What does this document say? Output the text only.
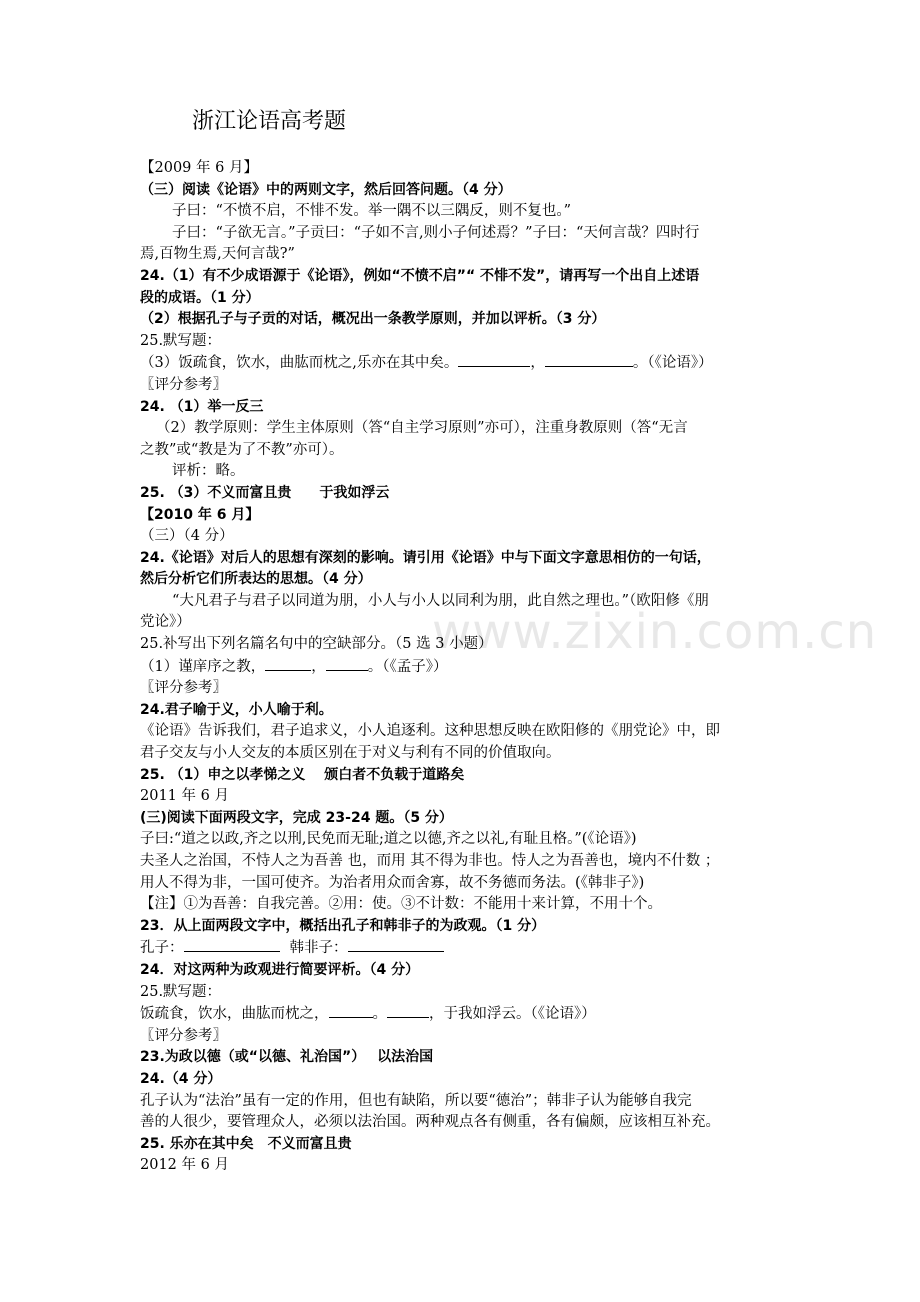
浙江论语高考题
www.zixin.com.cn
【2009 年 6 月】
（三）阅读《论语》中的两则文字，然后回答问题。（4 分）
子曰：“不愤不启，不悱不发。举一隅不以三隅反，则不复也。”
子曰：“子欲无言。”子贡曰：“子如不言,则小子何述焉？”子曰：“天何言哉？四时行
焉,百物生焉,天何言哉?”
24.（1）有不少成语源于《论语》，例如“不愤不启”“ 不悱不发”，请再写一个出自上述语
段的成语。（1 分）
（2）根据孔子与子贡的对话，概况出一条教学原则，并加以评析。（3 分）
25.默写题：
（3）饭疏食，饮水，曲肱而枕之,乐亦在其中矣。	，	。（《论语》）
〖评分参考〗
24. （1）举一反三
（2）教学原则：学生主体原则（答“自主学习原则”亦可），注重身教原则（答“无言
之教”或“教是为了不教”亦可）。
评析：略。
25. （3）不义而富且贵　　于我如浮云
【2010 年 6 月】
（三）（4 分）
24.《论语》对后人的思想有深刻的影响。请引用《论语》中与下面文字意思相仿的一句话，
然后分析它们所表达的思想。（4 分）
“大凡君子与君子以同道为朋，小人与小人以同利为朋，此自然之理也。”（欧阳修《朋
党论》）
25.补写出下列名篇名句中的空缺部分。（5 选 3 小题）
（1）谨庠序之教，	，	。（《孟子》）
〖评分参考〗
24.君子喻于义，小人喻于利。
《论语》告诉我们，君子追求义，小人追逐利。这种思想反映在欧阳修的《朋党论》中，即
君子交友与小人交友的本质区别在于对义与利有不同的价值取向。
25. （1）申之以孝悌之义　 颁白者不负载于道路矣
2011 年 6 月
(三)阅读下面两段文字，完成 23-24 题。（5 分）
子曰:“道之以政,齐之以刑,民免而无耻;道之以德,齐之以礼,有耻且格。”(《论语》)
夫圣人之治国，不恃人之为吾善 也，而用 其不得为非也。恃人之为吾善也，境内不什数 ；
用人不得为非，一国可使齐。为治者用众而舍寡，故不务德而务法。(《韩非子》)
【注】①为吾善：自我完善。②用：使。③不计数：不能用十来计算，不用十个。
23．从上面两段文字中，概括出孔子和韩非子的为政观。（1 分）
孔子：	韩非子：
24．对这两种为政观进行简要评析。（4 分）
25.默写题：
饭疏食，饮水，曲肱而枕之，	。	，于我如浮云。（《论语》）
〖评分参考〗
23.为政以德（或“以德、礼治国”）　 以法治国
24.（4 分）
孔子认为“法治”虽有一定的作用，但也有缺陷，所以要“德治”；韩非子认为能够自我完
善的人很少，要管理众人，必须以法治国。两种观点各有侧重，各有偏颇，应该相互补充。
25. 乐亦在其中矣　不义而富且贵
2012 年 6 月
